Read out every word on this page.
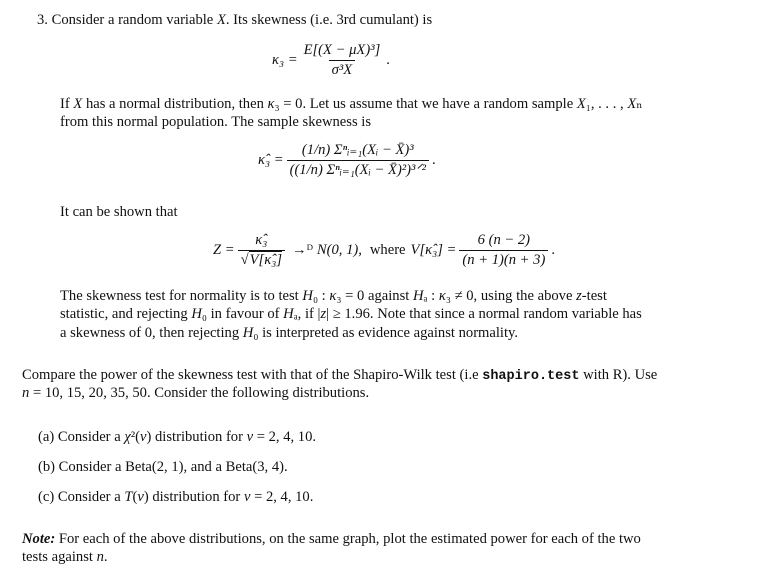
3. Consider a random variable X. Its skewness (i.e. 3rd cumulant) is
$\kappa_3 = \frac{\text{E[(X − μX)³]}}{\text{σ³X}}$ .
If X has a normal distribution, then κ₃ = 0. Let us assume that we have a random sample X₁, . . . , Xₙ
from this normal population. The sample skewness is
κ̂₃ = $\frac{\text{(1/n) Σⁿᵢ₌₁(Xᵢ − X̄)³}}{\text{((1/n) Σⁿᵢ₌₁(Xᵢ − X̄)²)³ᐟ²}}$ .
It can be shown that
$Z = \frac{\text{κ̂₃}}{\text{√V[κ̂₃]}}$ →ᴰ N(0, 1), where V[κ̂₃] = $\frac{6 (n - 2)}{(n + 1)(n + 3)}$ .
The skewness test for normality is to test H₀ : κ₃ = 0 against Hₐ : κ₃ ≠ 0, using the above z-test
statistic, and rejecting H₀ in favour of Hₐ, if |z| ≥ 1.96. Note that since a normal random variable has
a skewness of 0, then rejecting H₀ is interpreted as evidence against normality.
Compare the power of the skewness test with that of the Shapiro-Wilk test (i.e shapiro.test with R). Use
n = 10, 15, 20, 35, 50. Consider the following distributions.
(a) Consider a χ²(ν) distribution for ν = 2, 4, 10.
(b) Consider a Beta(2, 1), and a Beta(3, 4).
(c) Consider a T(ν) distribution for ν = 2, 4, 10.
Note: For each of the above distributions, on the same graph, plot the estimated power for each of the two
tests against n.
